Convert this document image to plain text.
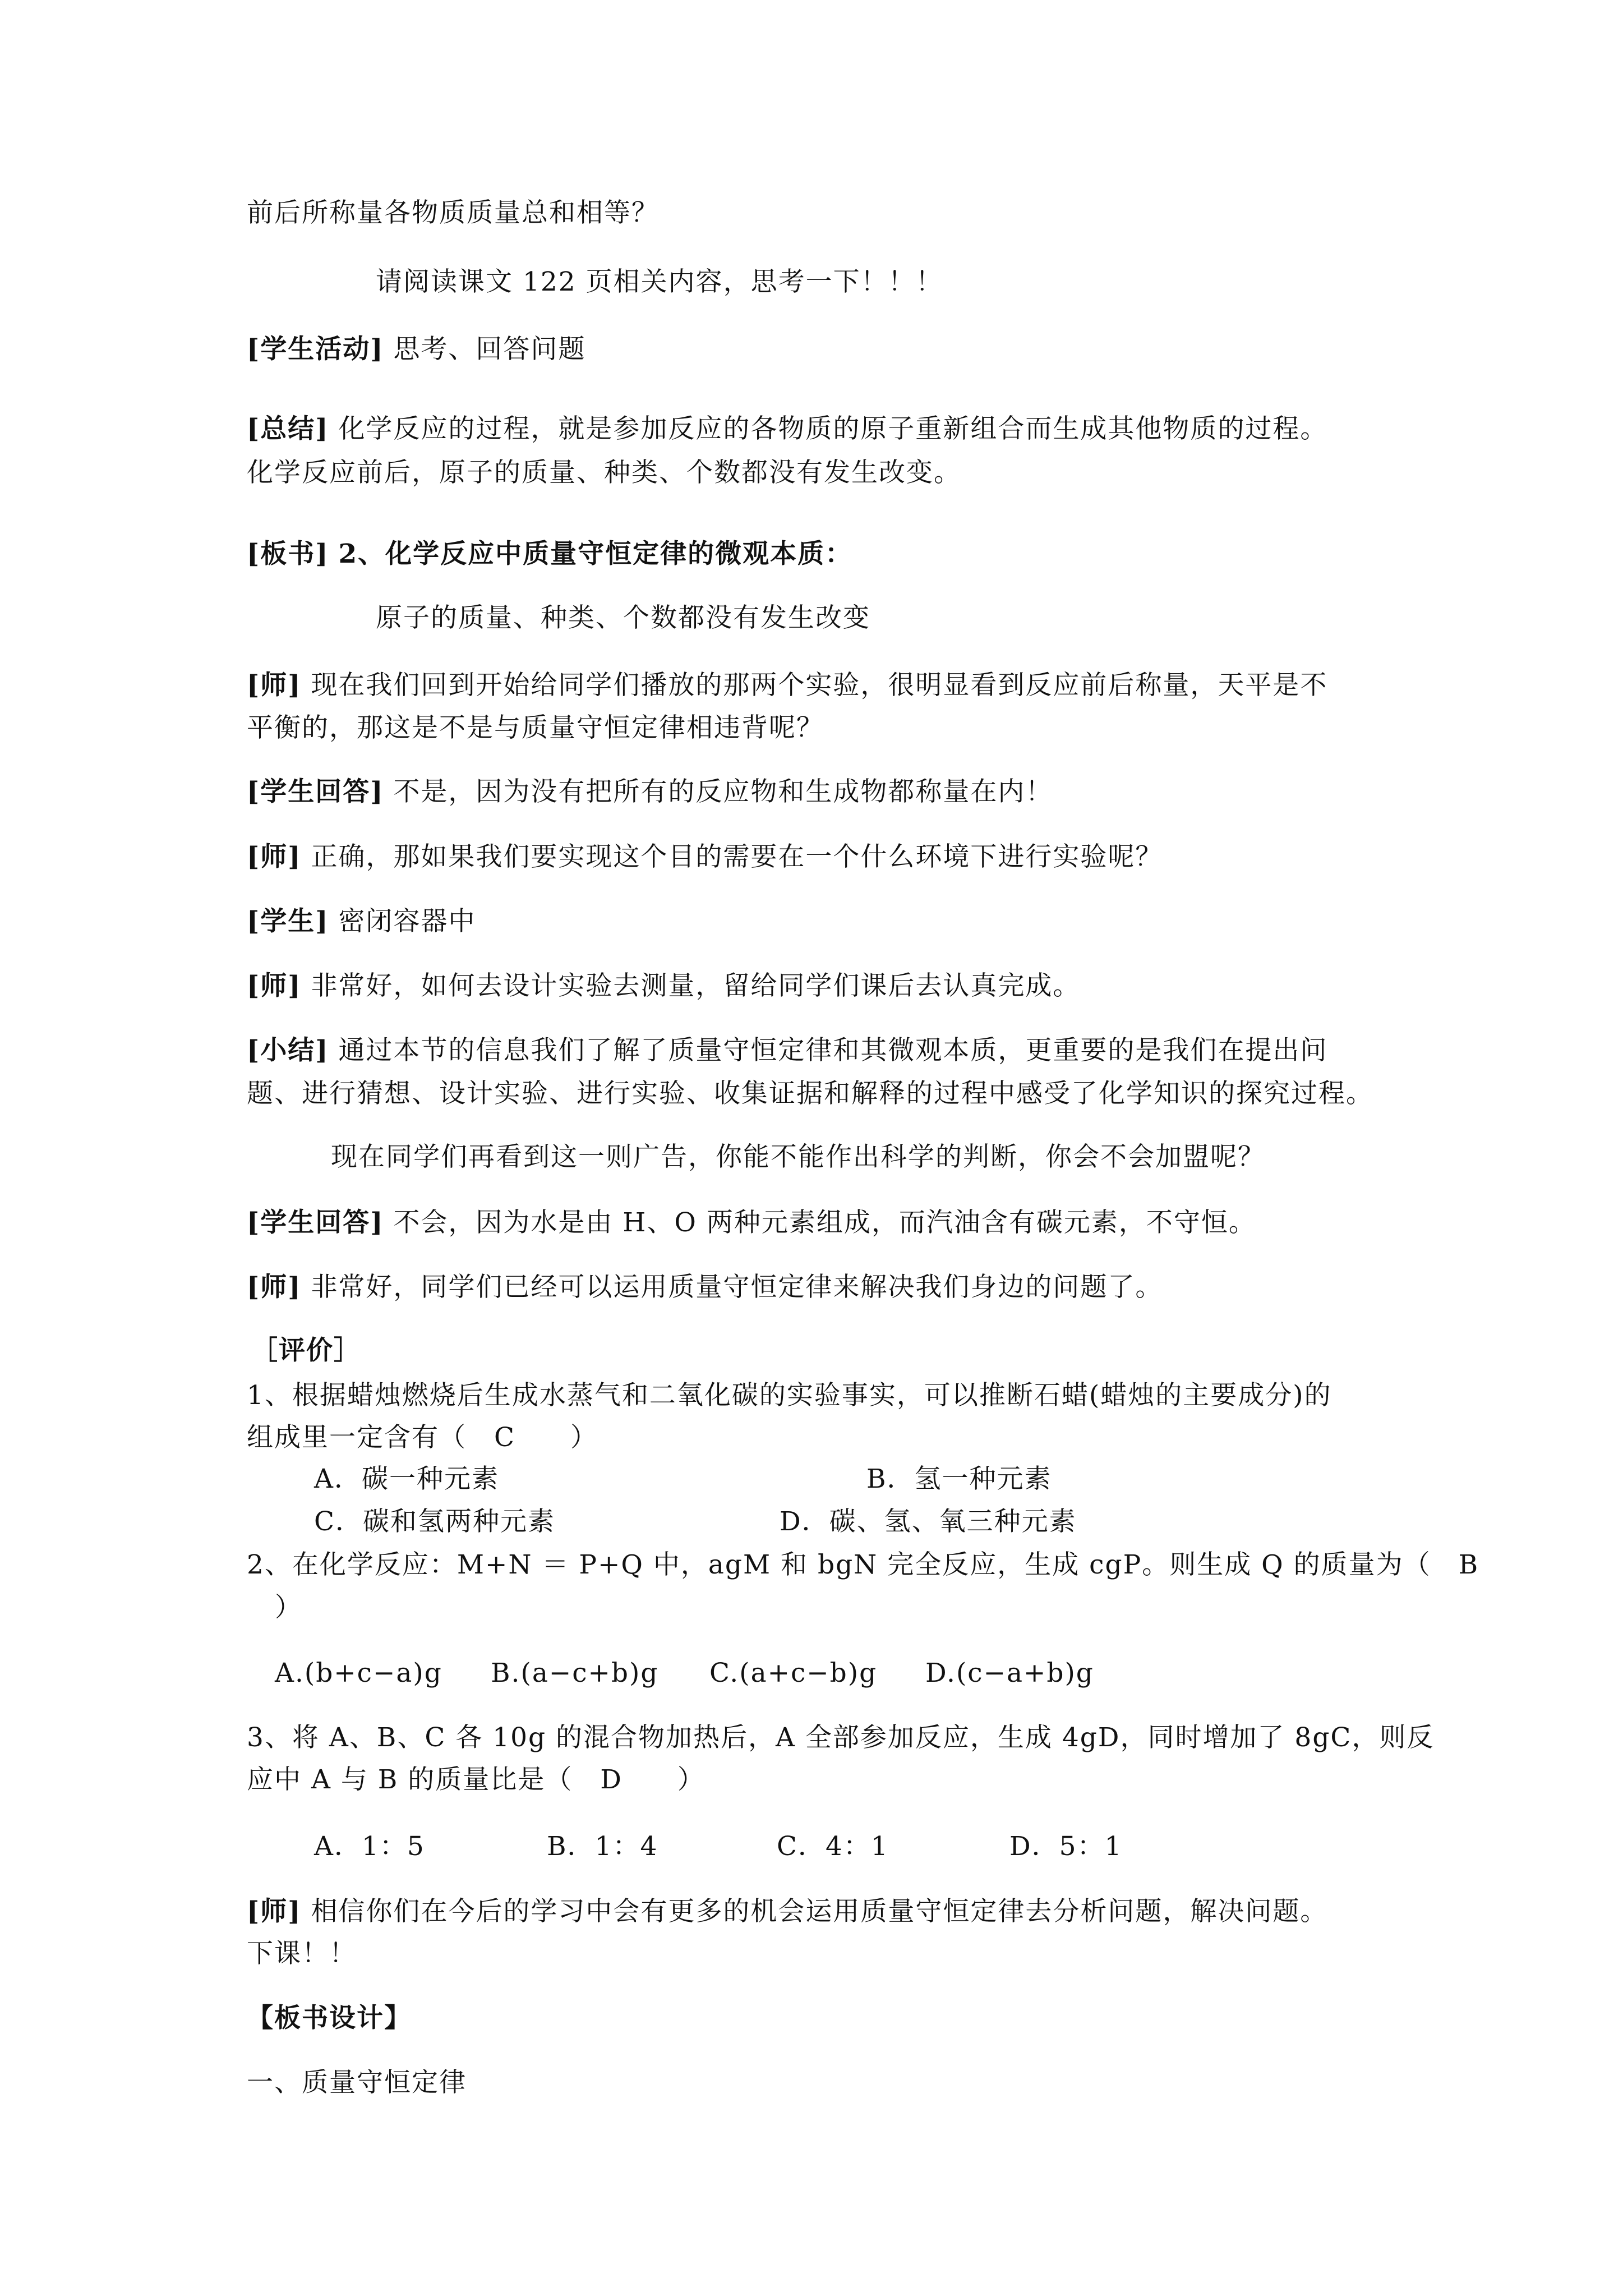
前后所称量各物质质量总和相等？
请阅读课文 122 页相关内容，思考一下！！！
[学生活动] 思考、回答问题
[总结] 化学反应的过程，就是参加反应的各物质的原子重新组合而生成其他物质的过程。
化学反应前后，原子的质量、种类、个数都没有发生改变。
[板书] 2、化学反应中质量守恒定律的微观本质：
原子的质量、种类、个数都没有发生改变
[师] 现在我们回到开始给同学们播放的那两个实验，很明显看到反应前后称量，天平是不
平衡的，那这是不是与质量守恒定律相违背呢？
[学生回答] 不是，因为没有把所有的反应物和生成物都称量在内！
[师] 正确，那如果我们要实现这个目的需要在一个什么环境下进行实验呢？
[学生] 密闭容器中
[师] 非常好，如何去设计实验去测量，留给同学们课后去认真完成。
[小结] 通过本节的信息我们了解了质量守恒定律和其微观本质，更重要的是我们在提出问
题、进行猜想、设计实验、进行实验、收集证据和解释的过程中感受了化学知识的探究过程。
现在同学们再看到这一则广告，你能不能作出科学的判断，你会不会加盟呢？
[学生回答] 不会，因为水是由 H、O 两种元素组成，而汽油含有碳元素，不守恒。
[师] 非常好，同学们已经可以运用质量守恒定律来解决我们身边的问题了。
［评价］
1、根据蜡烛燃烧后生成水蒸气和二氧化碳的实验事实，可以推断石蜡(蜡烛的主要成分)的
组成里一定含有（　C　　）
A．碳一种元素	B．氢一种元素
C．碳和氢两种元素	D．碳、氢、氧三种元素
2、在化学反应：M+N ＝ P+Q 中，agM 和 bgN 完全反应，生成 cgP。则生成 Q 的质量为（　B
）
A.(b+c−a)g B.(a−c+b)g C.(a+c−b)g D.(c−a+b)g
3、将 A、B、C 各 10g 的混合物加热后，A 全部参加反应，生成 4gD，同时增加了 8gC，则反
应中 A 与 B 的质量比是（　D　　）
A．1：5	B．1：4	C．4：1	D．5：1
[师] 相信你们在今后的学习中会有更多的机会运用质量守恒定律去分析问题，解决问题。
下课！！
【板书设计】
一、质量守恒定律
